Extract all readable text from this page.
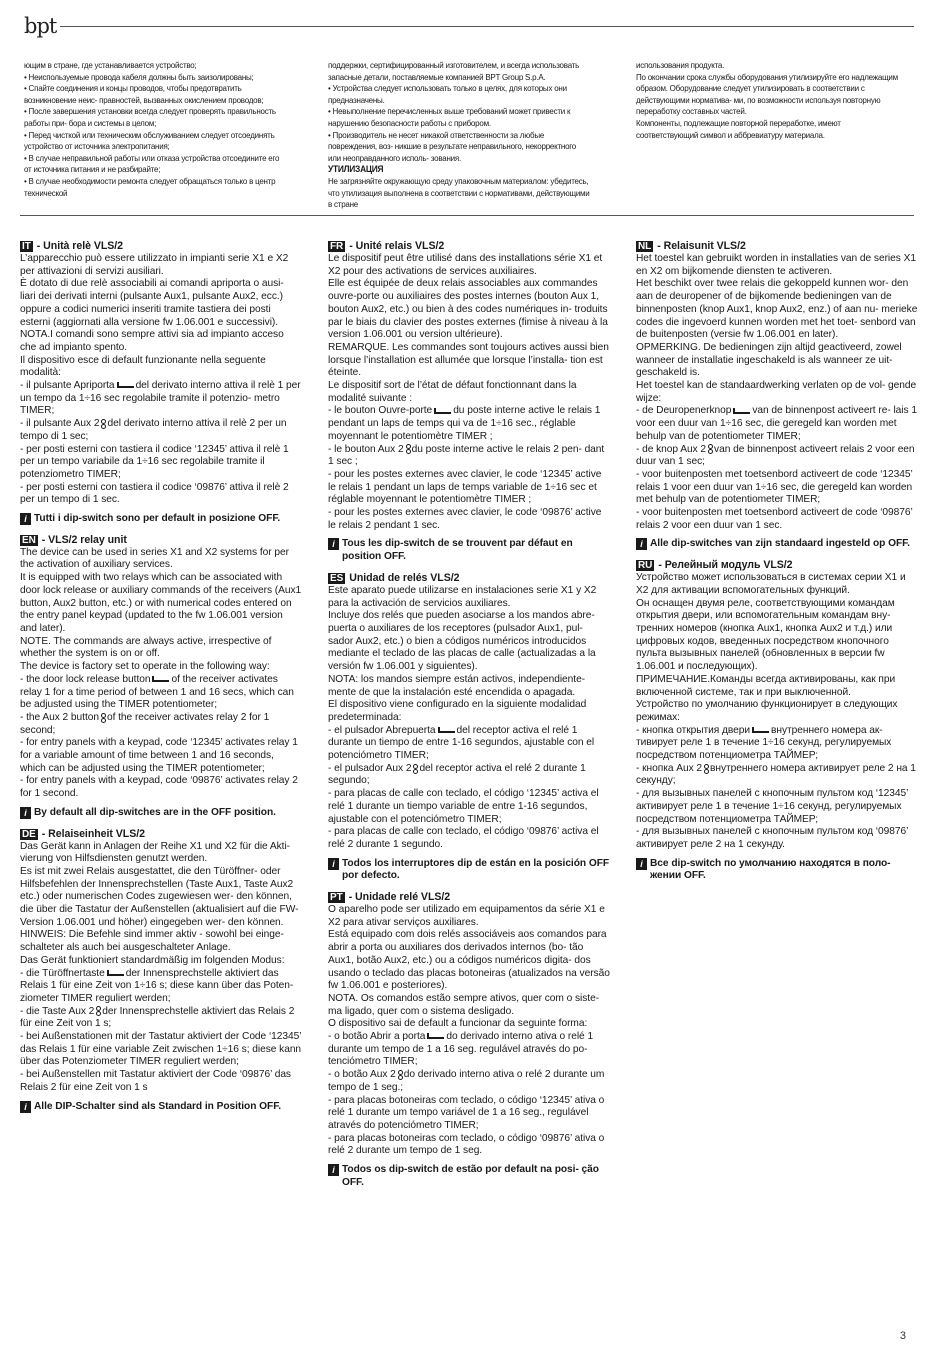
bpt

ющим в стране, где устанавливается устройство;

• Неиспользуемые провода кабеля должны быть заизолированы;

• Спайте соединения и концы проводов, чтобы предотвратить возникновение неис- правностей, вызванных окислением проводов;

• После завершения установки всегда следует проверять правильность работы при- бора и системы в целом;

• Перед чисткой или техническим обслуживанием следует отсоединять устройство от источника электропитания;

• В случае неправильной работы или отказа устройства отсоедините его от источника питания и не разбирайте;

• В случае необходимости ремонта следует обращаться только в центр технической

поддержки, сертифицированный изготовителем, и всегда использовать запасные детали, поставляемые компанией BPT Group S.p.A.

• Устройства следует использовать только в целях, для которых они предназначены.

• Невыполнение перечисленных выше требований может привести к нарушению безопасности работы с прибором.

• Производитель не несет никакой ответственности за любые повреждения, воз- никшие в результате неправильного, некорректного или неоправданного исполь- зования.

УТИЛИЗАЦИЯ

Не загрязняйте окружающую среду упаковочным материалом: убедитесь, что утилизация выполнена в соответствии с нормативами, действующими в стране

использования продукта.

По окончании срока службы оборудования утилизируйте его надлежащим образом. Оборудование следует утилизировать в соответствии с действующими норматива- ми, по возможности используя повторную переработку составных частей.

Компоненты, подлежащие повторной переработке, имеют соответствующий символ и аббревиатуру материала.

IT - Unità relè VLS/2

L’apparecchio può essere utilizzato in impianti serie X1 e X2 per attivazioni di servizi ausiliari.

È dotato di due relè associabili ai comandi apriporta o ausi- liari dei derivati interni (pulsante Aux1, pulsante Aux2, ecc.) oppure a codici numerici inseriti tramite tastiera dei posti esterni (aggiornati alla versione fw 1.06.001 e successivi).

NOTA.I comandi sono sempre attivi sia ad impianto acceso che ad impianto spento.

Il dispositivo esce di default funzionante nella seguente modalità:

- il pulsante Apriporta del derivato interno attiva il relè 1 per un tempo da 1÷16 sec regolabile tramite il potenzio- metro TIMER;

- il pulsante Aux 2 del derivato interno attiva il relè 2 per un tempo di 1 sec;

- per posti esterni con tastiera il codice ‘12345’ attiva il relè 1 per un tempo variabile da 1÷16 sec regolabile tramite il potenziometro TIMER;

- per posti esterni con tastiera il codice ‘09876’ attiva il relè 2 per un tempo di 1 sec.

i Tutti i dip-switch sono per default in posizione OFF.

EN - VLS/2 relay unit

The device can be used in series X1 and X2 systems for per the activation of auxiliary services.

It is equipped with two relays which can be associated with door lock release or auxiliary commands of the receivers (Aux1 button, Aux2 button, etc.) or with numerical codes entered on the entry panel keypad (updated to the fw 1.06.001 version and later).

NOTE. The commands are always active, irrespective of whether the system is on or off.

The device is factory set to operate in the following way:

- the door lock release button of the receiver activates relay 1 for a time period of between 1 and 16 secs, which can be adjusted using the TIMER potentiometer;

- the Aux 2 button of the receiver activates relay 2 for 1 second;

- for entry panels with a keypad, code ‘12345’ activates relay 1 for a variable amount of time between 1 and 16 seconds, which can be adjusted using the TIMER potentiometer;

- for entry panels with a keypad, code ‘09876’ activates relay 2 for 1 second.

i By default all dip-switches are in the OFF position.

DE - Relaiseinheit VLS/2

Das Gerät kann in Anlagen der Reihe X1 und X2 für die Akti- vierung von Hilfsdiensten genutzt werden.

Es ist mit zwei Relais ausgestattet, die den Türöffner- oder Hilfsbefehlen der Innensprechstellen (Taste Aux1, Taste Aux2 etc.) oder numerischen Codes zugewiesen wer- den können, die über die Tastatur der Außenstellen (aktualisiert auf die FW-Version 1.06.001 und höher) eingegeben wer- den können.

HINWEIS: Die Befehle sind immer aktiv - sowohl bei einge- schalteter als auch bei ausgeschalteter Anlage.

Das Gerät funktioniert standardmäßig im folgenden Modus:

- die Türöffnertaste der Innensprechstelle aktiviert das Relais 1 für eine Zeit von 1÷16 s; diese kann über das Poten- ziometer TIMER reguliert werden;

- die Taste Aux 2 der Innensprechstelle aktiviert das Relais 2 für eine Zeit von 1 s;

- bei Außenstationen mit der Tastatur aktiviert der Code ‘12345’ das Relais 1 für eine variable Zeit zwischen 1÷16 s; diese kann über das Potenziometer TIMER reguliert werden;

- bei Außenstellen mit Tastatur aktiviert der Code ‘09876’ das Relais 2 für eine Zeit von 1 s

i Alle DIP-Schalter sind als Standard in Position OFF.

FR - Unité relais VLS/2

Le dispositif peut être utilisé dans des installations série X1 et X2 pour des activations de services auxiliaires.

Elle est équipée de deux relais associables aux commandes ouvre-porte ou auxiliaires des postes internes (bouton Aux 1, bouton Aux2, etc.) ou bien à des codes numériques in- troduits par le biais du clavier des postes externes (fimise à niveau à la version 1.06.001 ou version ultérieure).

REMARQUE. Les commandes sont toujours actives aussi bien lorsque l’installation est allumée que lorsque l’installa- tion est éteinte.

Le dispositif sort de l’état de défaut fonctionnant dans la modalité suivante :

- le bouton Ouvre-porte du poste interne active le relais 1 pendant un laps de temps qui va de 1÷16 sec., réglable moyennant le potentiomètre TIMER ;

- le bouton Aux 2 du poste interne active le relais 2 pen- dant 1 sec ;

- pour les postes externes avec clavier, le code ‘12345’ active le relais 1 pendant un laps de temps variable de 1÷16 sec et réglable moyennant le potentiomètre TIMER ;

- pour les postes externes avec clavier, le code ‘09876’ active le relais 2 pendant 1 sec.

i Tous les dip-switch de se trouvent par défaut en position OFF.

ES Unidad de relés VLS/2

Este aparato puede utilizarse en instalaciones serie X1 y X2 para la activación de servicios auxiliares.

Incluye dos relés que pueden asociarse a los mandos abre- puerta o auxiliares de los receptores (pulsador Aux1, pul- sador Aux2, etc.) o bien a códigos numéricos introducidos mediante el teclado de las placas de calle (actualizadas a la versión fw 1.06.001 y siguientes).

NOTA: los mandos siempre están activos, independiente- mente de que la instalación esté encendida o apagada.

El dispositivo viene configurado en la siguiente modalidad predeterminada:

- el pulsador Abrepuerta del receptor activa el relé 1 durante un tiempo de entre 1-16 segundos, ajustable con el potenciómetro TIMER;

- el pulsador Aux 2 del receptor activa el relé 2 durante 1 segundo;

- para placas de calle con teclado, el código ‘12345’ activa el relé 1 durante un tiempo variable de entre 1-16 segundos, ajustable con el potenciómetro TIMER;

- para placas de calle con teclado, el código ‘09876’ activa el relé 2 durante 1 segundo.

i Todos los interruptores dip de están en la posición OFF por defecto.

PT - Unidade relé VLS/2

O aparelho pode ser utilizado em equipamentos da série X1 e X2 para ativar serviços auxiliares.

Está equipado com dois relés associáveis aos comandos para abrir a porta ou auxiliares dos derivados internos (bo- tão Aux1, botão Aux2, etc.) ou a códigos numéricos digita- dos usando o teclado das placas botoneiras (atualizados na versão fw 1.06.001 e posteriores).

NOTA. Os comandos estão sempre ativos, quer com o siste- ma ligado, quer com o sistema desligado.

O dispositivo sai de default a funcionar da seguinte forma:

- o botão Abrir a porta do derivado interno ativa o relé 1 durante um tempo de 1 a 16 seg. regulável através do po- tenciómetro TIMER;

- o botão Aux 2 do derivado interno ativa o relé 2 durante um tempo de 1 seg.;

- para placas botoneiras com teclado, o código ‘12345’ ativa o relé 1 durante um tempo variável de 1 a 16 seg., regulável através do potenciómetro TIMER;

- para placas botoneiras com teclado, o código ‘09876’ ativa o relé 2 durante um tempo de 1 seg.

i Todos os dip-switch de estão por default na posi- ção OFF.

NL - Relaisunit VLS/2

Het toestel kan gebruikt worden in installaties van de series X1 en X2 om bijkomende diensten te activeren.

Het beschikt over twee relais die gekoppeld kunnen wor- den aan de deuropener of de bijkomende bedieningen van de binnenposten (knop Aux1, knop Aux2, enz.) of aan nu- merieke codes die ingevoerd kunnen worden met het toet- senbord van de buitenposten (versie fw 1.06.001 en later).

OPMERKING. De bedieningen zijn altijd geactiveerd, zowel wanneer de installatie ingeschakeld is als wanneer ze uit- geschakeld is.

Het toestel kan de standaardwerking verlaten op de vol- gende wijze:

- de Deuropenerknop van de binnenpost activeert re- lais 1 voor een duur van 1÷16 sec, die geregeld kan worden met behulp van de potentiometer TIMER;

- de knop Aux 2 van de binnenpost activeert relais 2 voor een duur van 1 sec;

- voor buitenposten met toetsenbord activeert de code ‘12345’ relais 1 voor een duur van 1÷16 sec, die geregeld kan worden met behulp van de potentiometer TIMER;

- voor buitenposten met toetsenbord activeert de code ‘09876’ relais 2 voor een duur van 1 sec.

i Alle dip-switches van zijn standaard ingesteld op OFF.

RU - Релейный модуль VLS/2

Устройство может использоваться в системах серии X1 и X2 для активации вспомогательных функций.

Он оснащен двумя реле, соответствующими командам открытия двери, или вспомогательным командам вну- тренних номеров (кнопка Aux1, кнопка Aux2 и т.д.) или цифровых кодов, введенных посредством кнопочного пульта вызывных панелей (обновленных в версии fw 1.06.001 и последующих).

ПРИМЕЧАНИЕ.Команды всегда активированы, как при включенной системе, так и при выключенной.

Устройство по умолчанию функционирует в следующих режимах:

- кнопка открытия двери внутреннего номера ак- тивирует реле 1 в течение 1÷16 секунд, регулируемых посредством потенциометра ТАЙМЕР;

- кнопка Aux 2 внутреннего номера активирует реле 2 на 1 секунду;

- для вызывных панелей с кнопочным пультом код ‘12345’ активирует реле 1 в течение 1÷16 секунд, регулируемых посредством потенциометра ТАЙМЕР;

- для вызывных панелей с кнопочным пультом код ‘09876’ активирует реле 2 на 1 секунду.

i Все dip-switch по умолчанию находятся в поло- жении OFF.

3
